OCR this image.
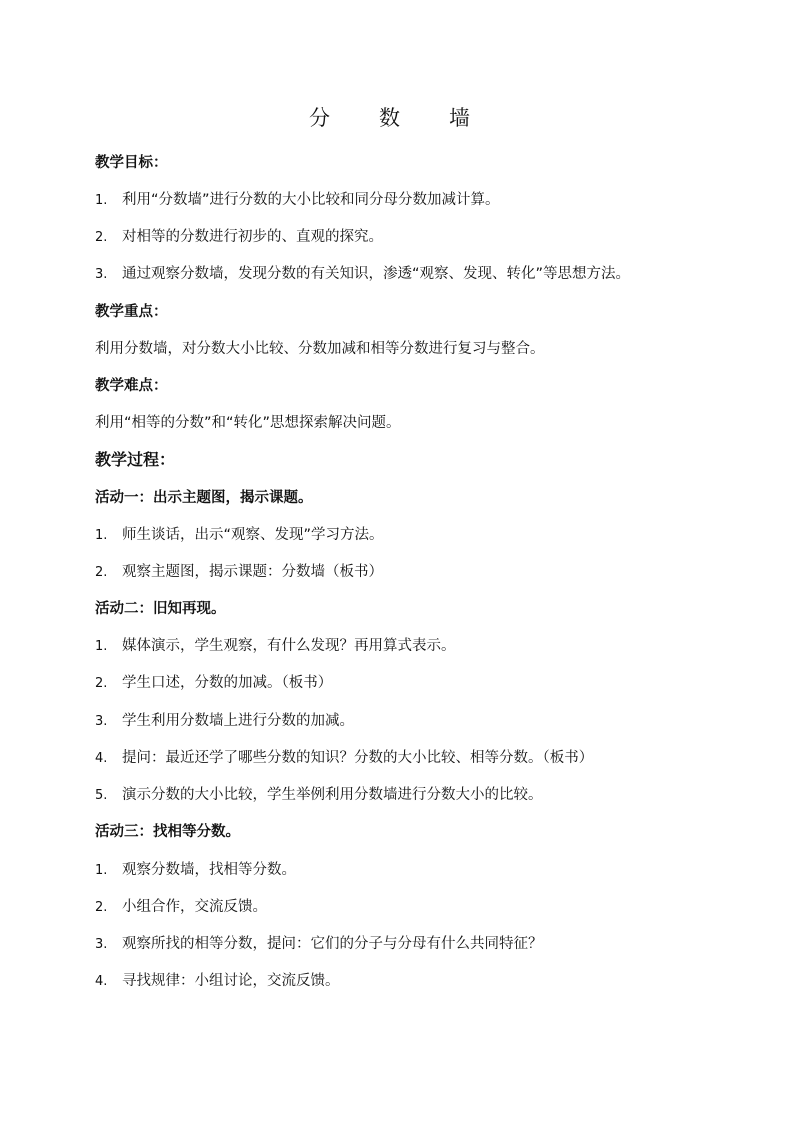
分　数　墙
教学目标：
1. 利用“分数墙”进行分数的大小比较和同分母分数加减计算。
2. 对相等的分数进行初步的、直观的探究。
3. 通过观察分数墙，发现分数的有关知识，渗透“观察、发现、转化”等思想方法。
教学重点：
利用分数墙，对分数大小比较、分数加减和相等分数进行复习与整合。
教学难点：
利用“相等的分数”和“转化”思想探索解决问题。
教学过程：
活动一：出示主题图，揭示课题。
1. 师生谈话，出示“观察、发现”学习方法。
2. 观察主题图，揭示课题：分数墙（板书）
活动二：旧知再现。
1. 媒体演示，学生观察，有什么发现？再用算式表示。
2. 学生口述，分数的加减。（板书）
3. 学生利用分数墙上进行分数的加减。
4. 提问：最近还学了哪些分数的知识？分数的大小比较、相等分数。（板书）
5. 演示分数的大小比较，学生举例利用分数墙进行分数大小的比较。
活动三：找相等分数。
1. 观察分数墙，找相等分数。
2. 小组合作，交流反馈。
3. 观察所找的相等分数，提问：它们的分子与分母有什么共同特征？
4. 寻找规律：小组讨论，交流反馈。
